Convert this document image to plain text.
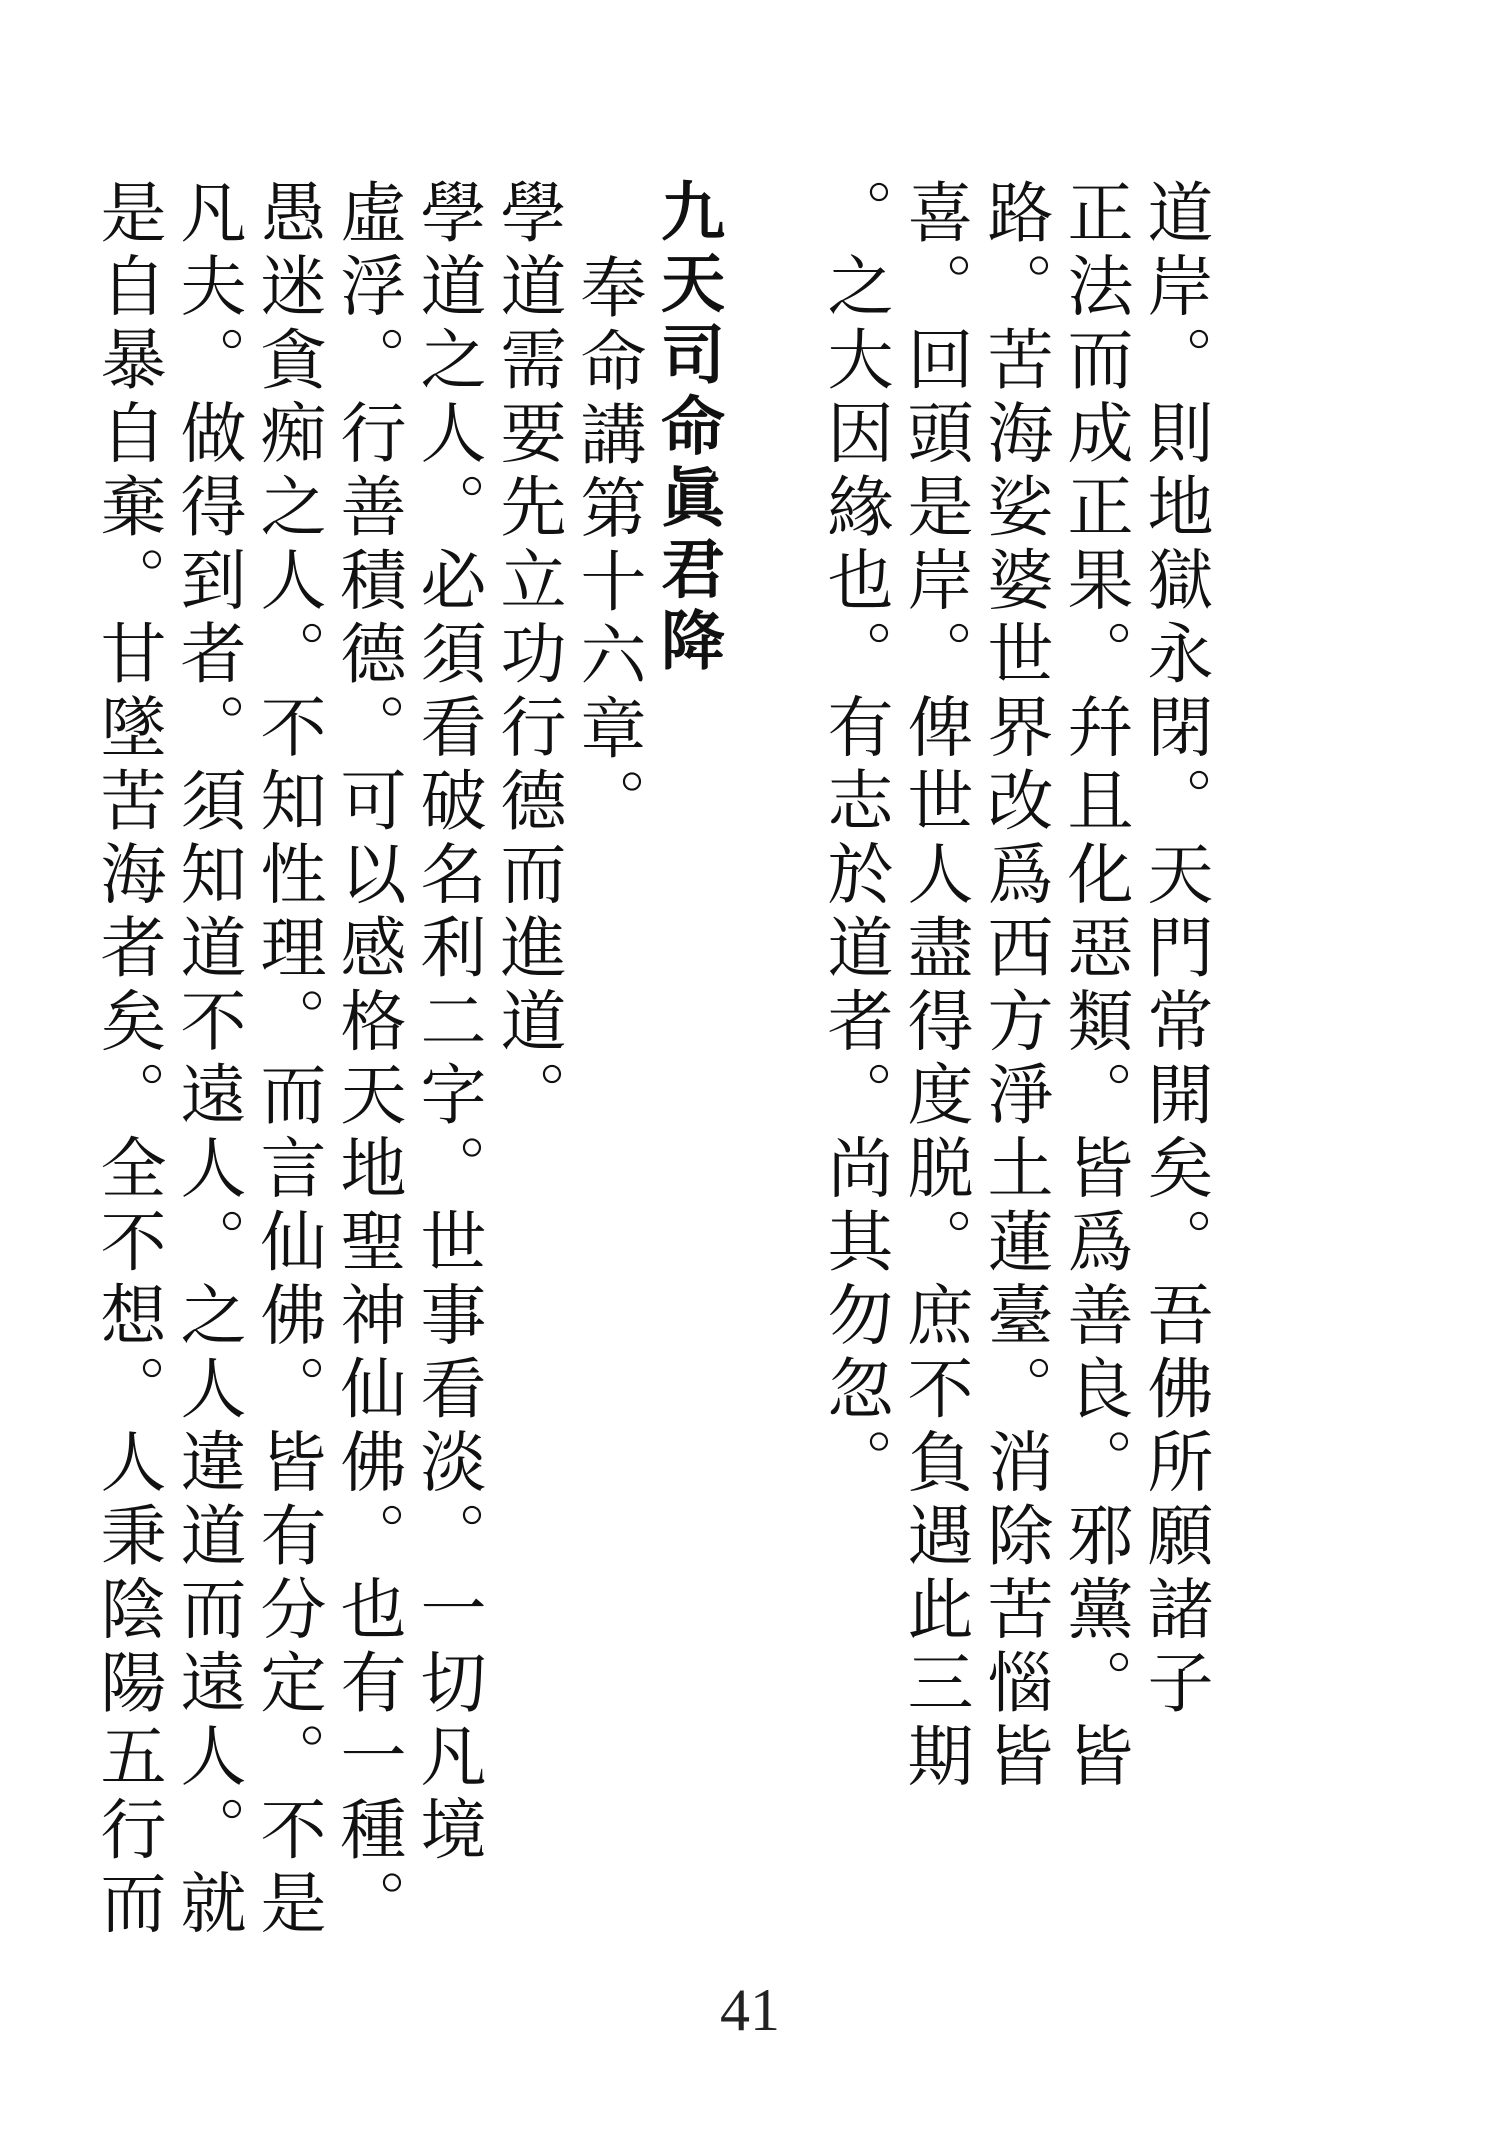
道岸。則地獄永閉。天門常開矣。吾佛所願諸子

正法而成正果。幷且化惡類。皆爲善良。邪黨。皆

路。苦海娑婆世界改爲西方淨土蓮臺。消除苦惱皆

喜。回頭是岸。俾世人盡得度脱。庶不負遇此三期

。之大因緣也。有志於道者。尚其勿忽。

九天司命眞君降

奉命講第十六章。

學道需要先立功行德而進道。

學道之人。必須看破名利二字。世事看淡。一切凡境

虛浮。行善積德。可以感格天地聖神仙佛。也有一種。

愚迷貪痴之人。不知性理。而言仙佛。皆有分定。不是

凡夫。做得到者。須知道不遠人。之人違道而遠人。就

是自暴自棄。甘墜苦海者矣。全不想。人秉陰陽五行而

41
